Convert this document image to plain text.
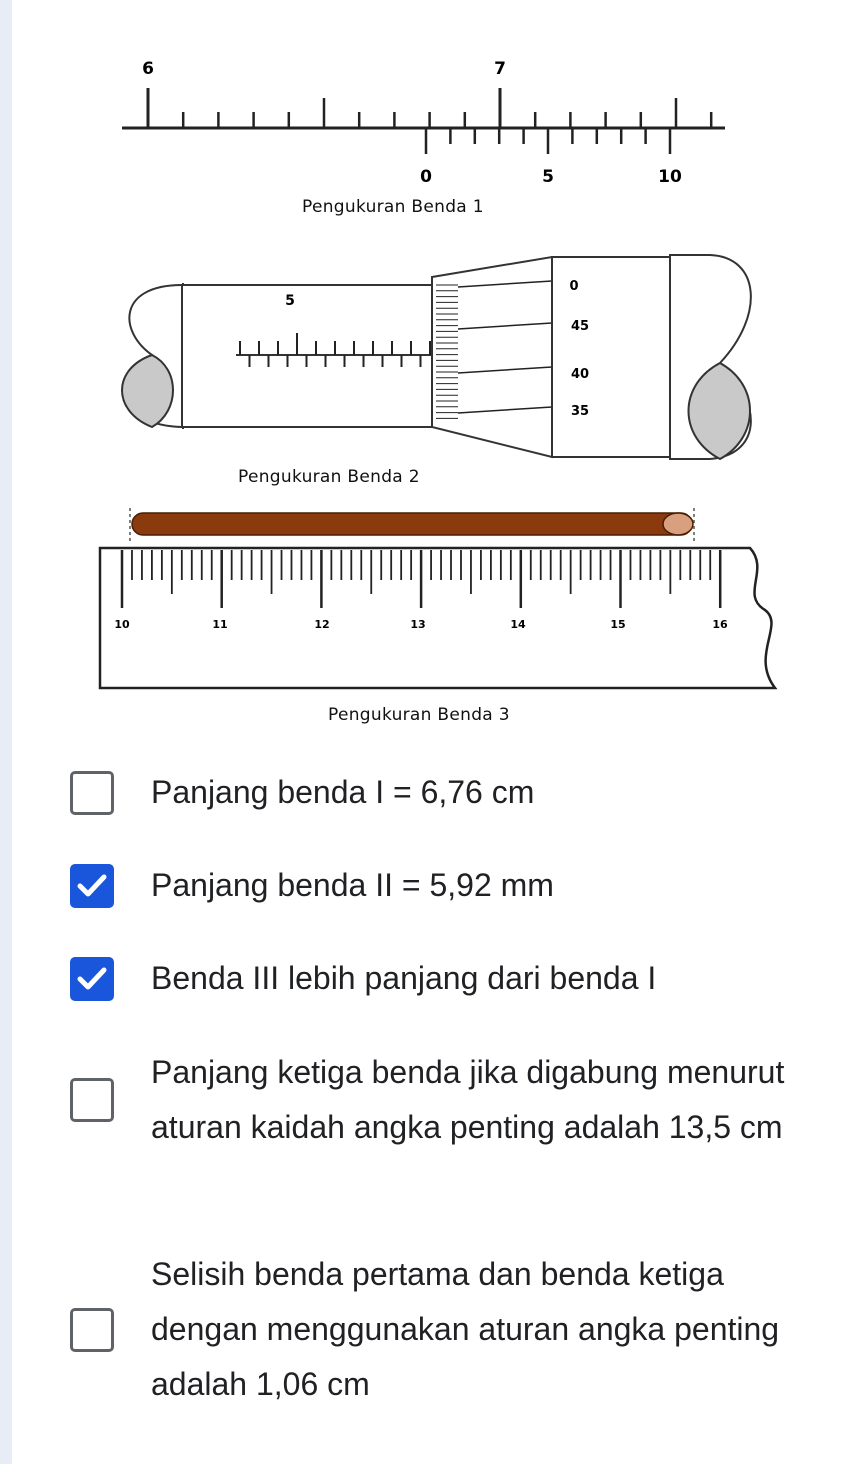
6	7
0	5	10
Pengukuran Benda 1
5
0
45
40
35
Pengukuran Benda 2
10	11	12	13	14	15	16
Pengukuran Benda 3
Panjang benda I = 6,76 cm
Panjang benda II = 5,92 mm
Benda III lebih panjang dari benda I
Panjang ketiga benda jika digabung menurut aturan kaidah angka penting adalah 13,5 cm
Selisih benda pertama dan benda ketiga dengan menggunakan aturan angka penting adalah 1,06 cm
